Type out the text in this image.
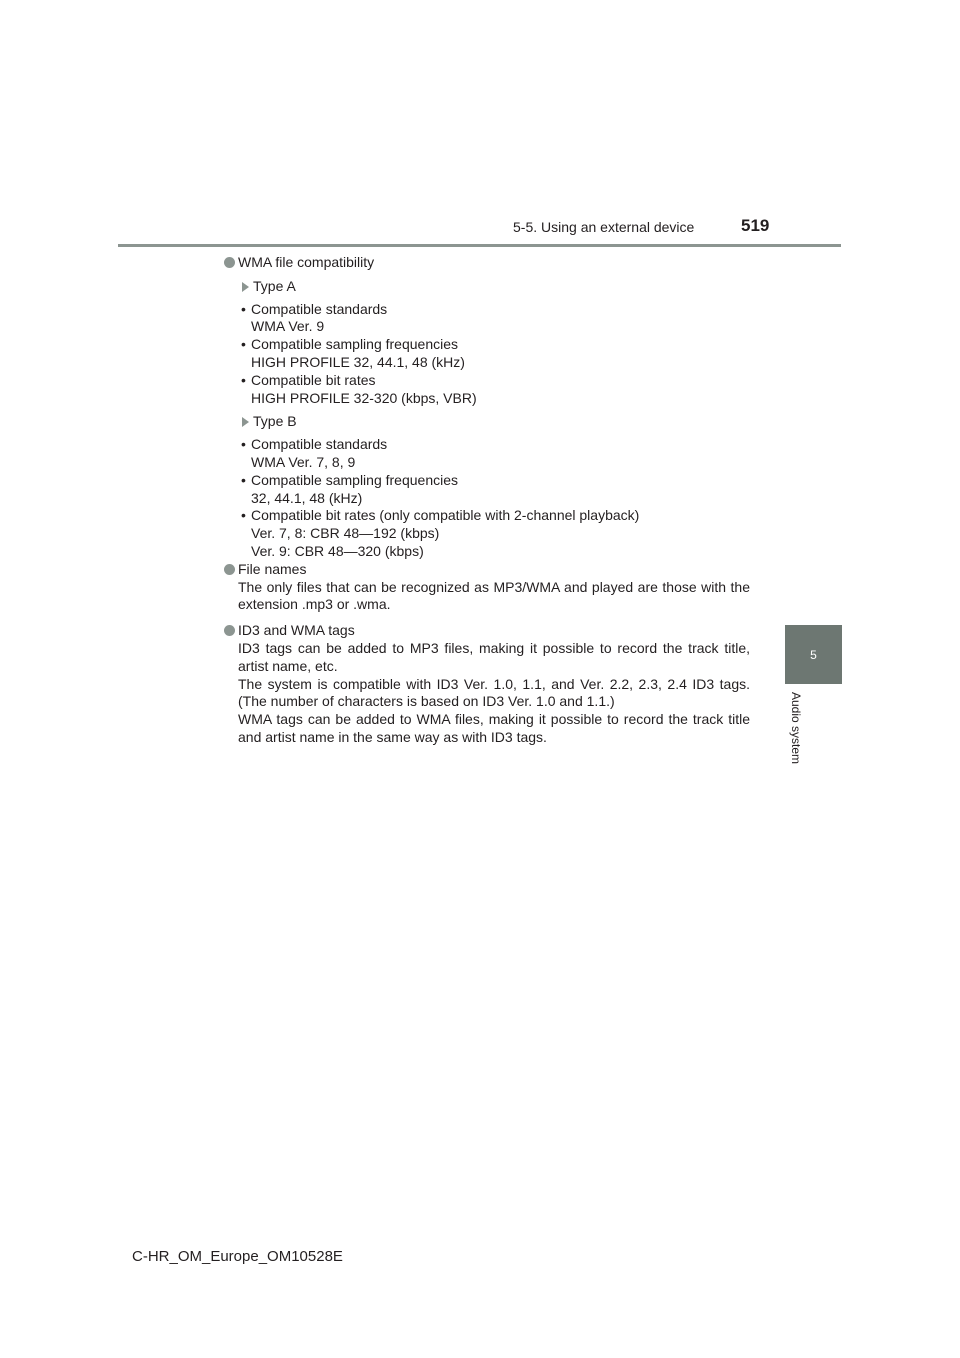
5-5. Using an external device	519
5
Audio system
WMA file compatibility
Type A
• Compatible standards
WMA Ver. 9
• Compatible sampling frequencies
HIGH PROFILE 32, 44.1, 48 (kHz)
• Compatible bit rates
HIGH PROFILE 32-320 (kbps, VBR)
Type B
• Compatible standards
WMA Ver. 7, 8, 9
• Compatible sampling frequencies
32, 44.1, 48 (kHz)
• Compatible bit rates (only compatible with 2-channel playback)
Ver. 7, 8: CBR 48—192 (kbps)
Ver. 9: CBR 48—320 (kbps)
File names
The only files that can be recognized as MP3/WMA and played are those with the extension .mp3 or .wma.
ID3 and WMA tags
ID3 tags can be added to MP3 files, making it possible to record the track title, artist name, etc.
The system is compatible with ID3 Ver. 1.0, 1.1, and Ver. 2.2, 2.3, 2.4 ID3 tags. (The number of characters is based on ID3 Ver. 1.0 and 1.1.)
WMA tags can be added to WMA files, making it possible to record the track title and artist name in the same way as with ID3 tags.
C-HR_OM_Europe_OM10528E
